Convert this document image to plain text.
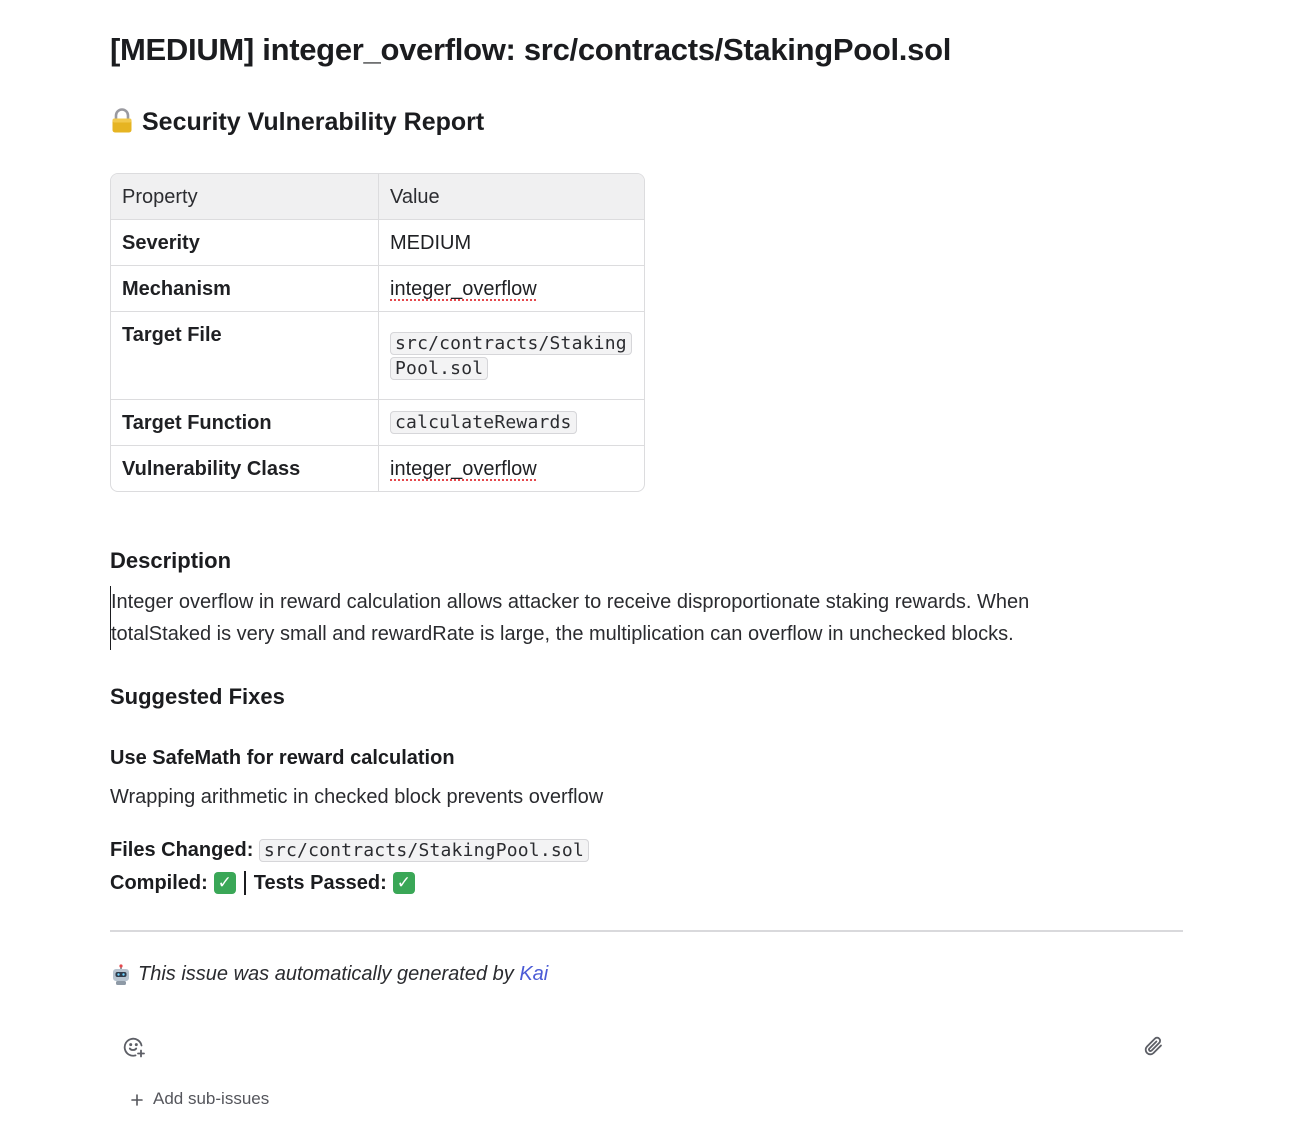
[MEDIUM] integer_overflow: src/contracts/StakingPool.sol
Security Vulnerability Report
Property	Value
Severity	MEDIUM
Mechanism	integer_overflow
Target File	src/contracts/Staking
Pool.sol
Target Function	calculateRewards
Vulnerability Class	integer_overflow
Description

Integer overflow in reward calculation allows attacker to receive disproportionate staking rewards. When totalStaked is very small and rewardRate is large, the multiplication can overflow in unchecked blocks.

Suggested Fixes
Use SafeMath for reward calculation

Wrapping arithmetic in checked block prevents overflow

Files Changed: src/contracts/StakingPool.sol

Compiled: ✓ Tests Passed: ✓

This issue was automatically generated by
Kai

Add sub-issues
